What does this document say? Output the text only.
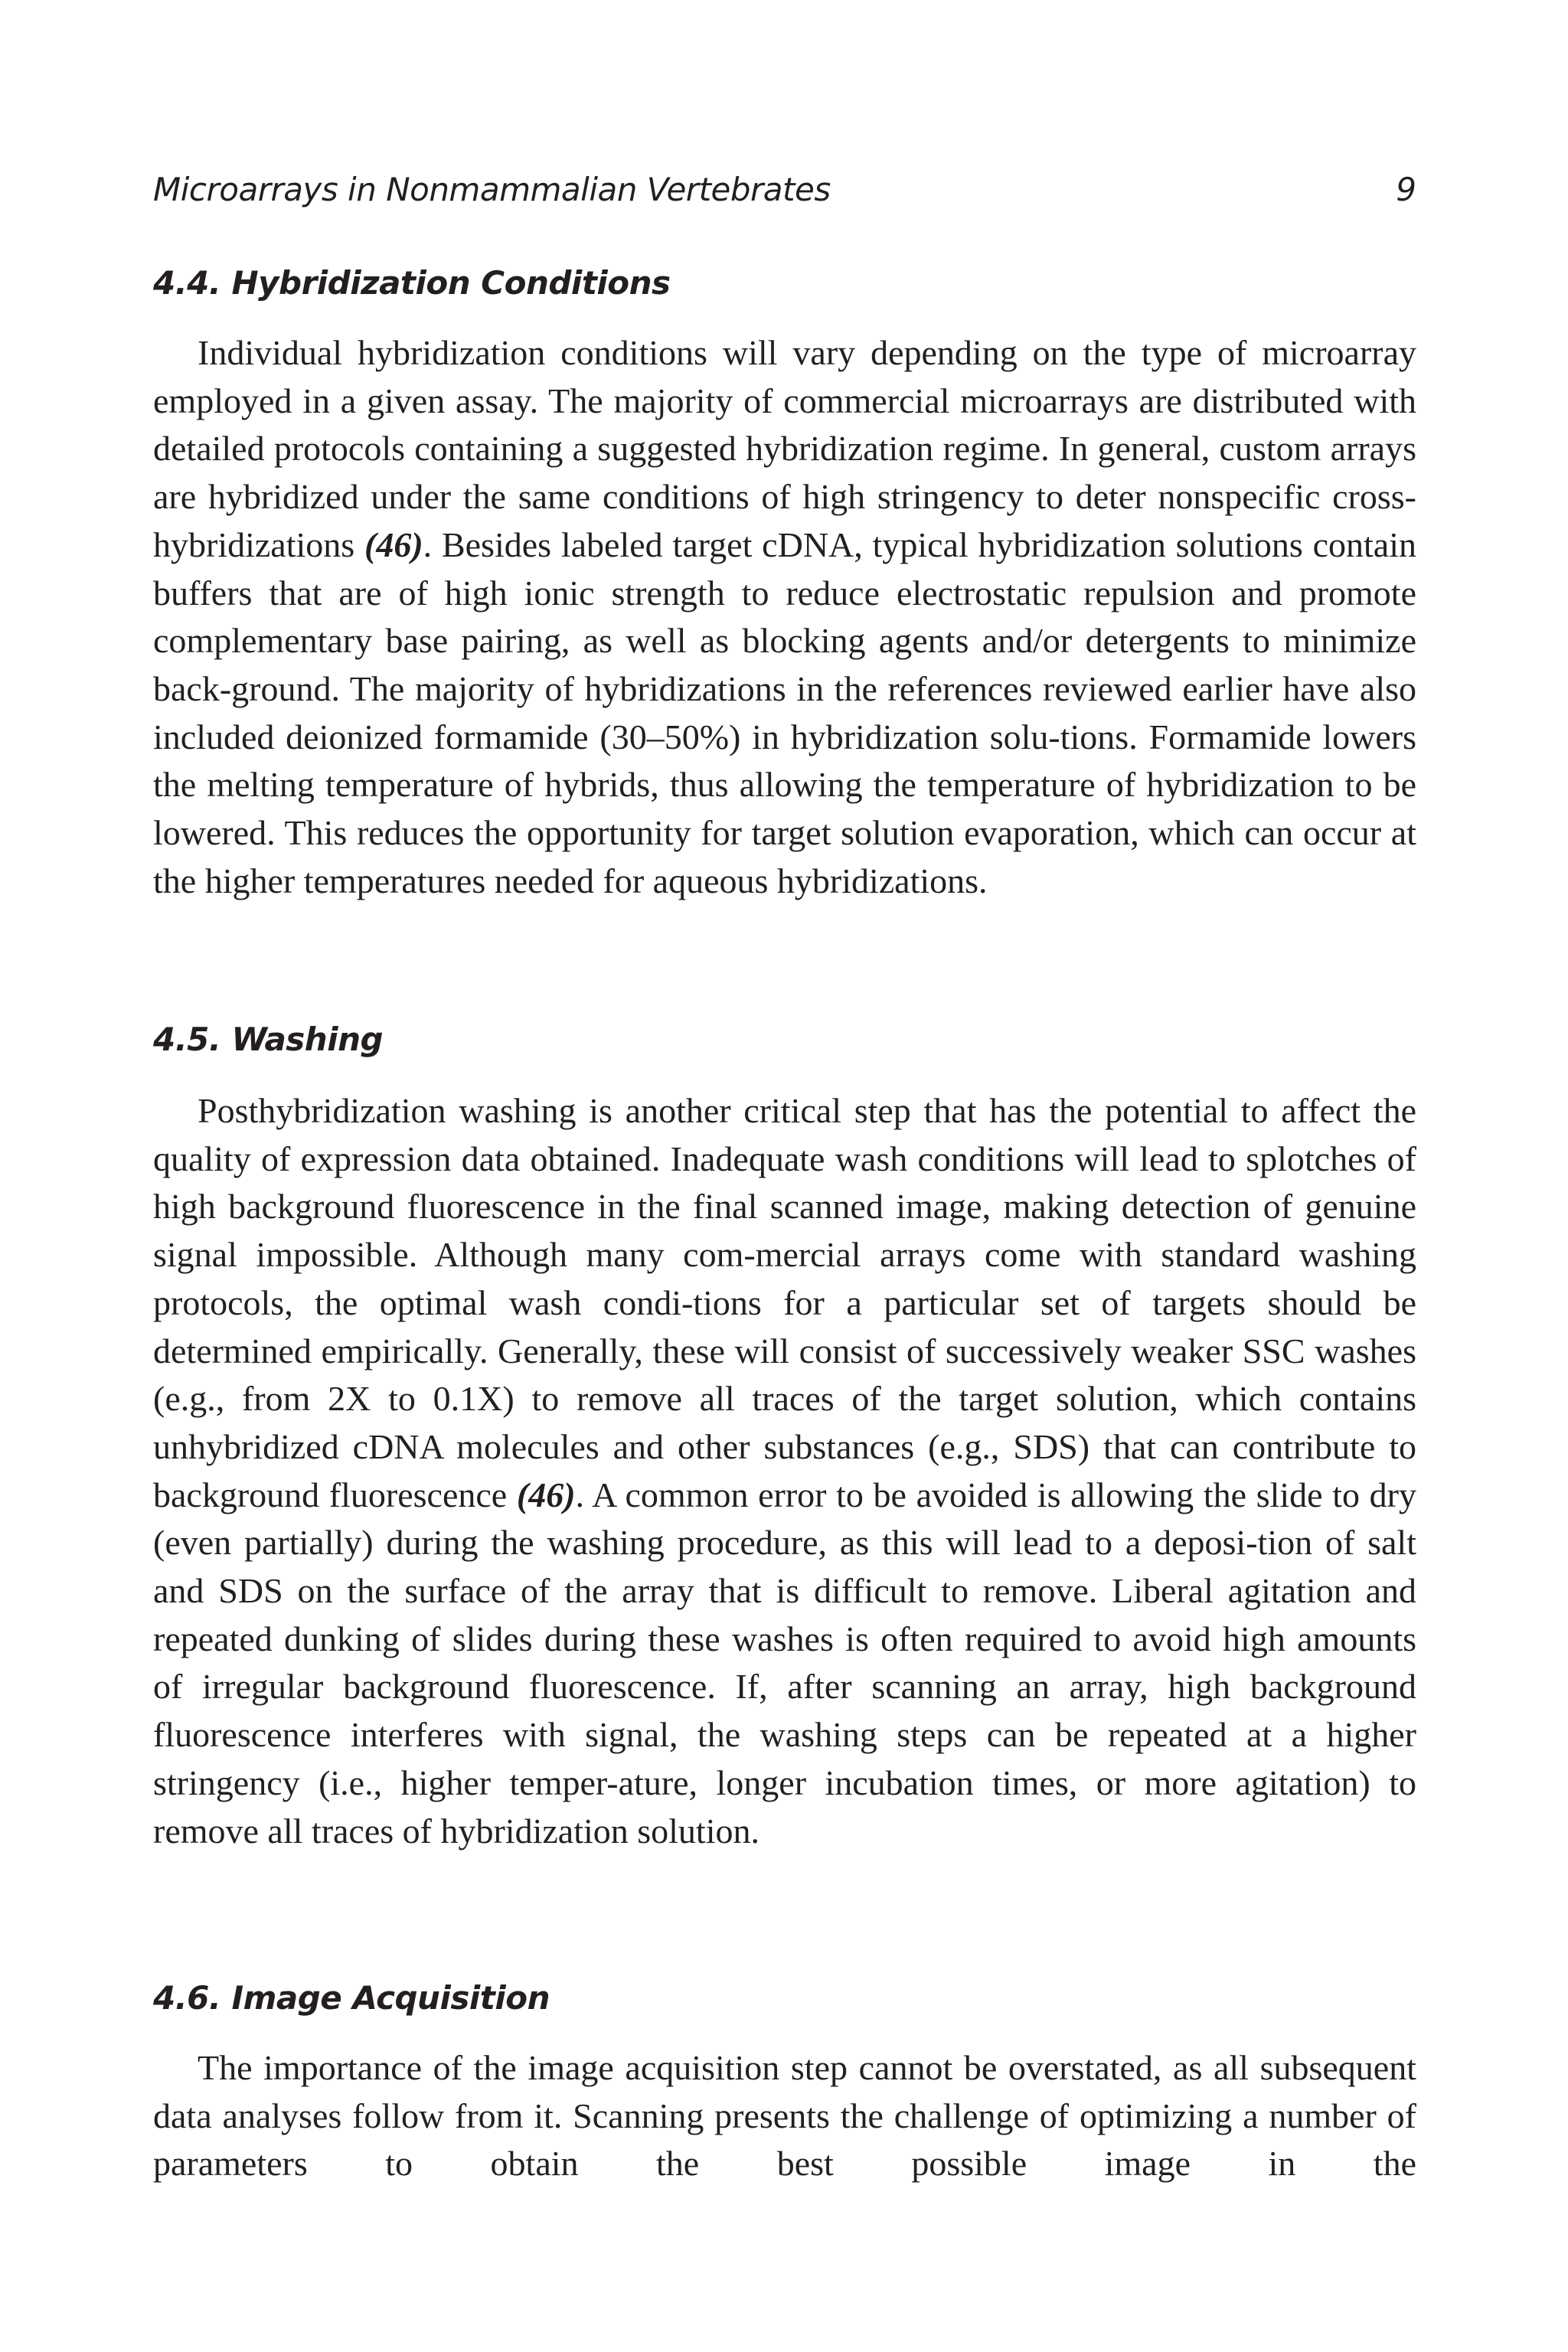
Microarrays in Nonmammalian Vertebrates	9
4.4. Hybridization Conditions

Individual hybridization conditions will vary depending on the type of microarray employed in a given assay. The majority of commercial microarrays are distributed with detailed protocols containing a suggested hybridization regime. In general, custom arrays are hybridized under the same conditions of high stringency to deter nonspecific cross-hybridizations (46). Besides labeled target cDNA, typical hybridization solutions contain buffers that are of high ionic strength to reduce electrostatic repulsion and promote complementary base pairing, as well as blocking agents and/or detergents to minimize back-ground. The majority of hybridizations in the references reviewed earlier have also included deionized formamide (30–50%) in hybridization solu-tions. Formamide lowers the melting temperature of hybrids, thus allowing the temperature of hybridization to be lowered. This reduces the opportunity for target solution evaporation, which can occur at the higher temperatures needed for aqueous hybridizations.

4.5. Washing

Posthybridization washing is another critical step that has the potential to affect the quality of expression data obtained. Inadequate wash conditions will lead to splotches of high background fluorescence in the final scanned image, making detection of genuine signal impossible. Although many com-mercial arrays come with standard washing protocols, the optimal wash condi-tions for a particular set of targets should be determined empirically. Generally, these will consist of successively weaker SSC washes (e.g., from 2X to 0.1X) to remove all traces of the target solution, which contains unhybridized cDNA molecules and other substances (e.g., SDS) that can contribute to background fluorescence (46). A common error to be avoided is allowing the slide to dry (even partially) during the washing procedure, as this will lead to a deposi-tion of salt and SDS on the surface of the array that is difficult to remove. Liberal agitation and repeated dunking of slides during these washes is often required to avoid high amounts of irregular background fluorescence. If, after scanning an array, high background fluorescence interferes with signal, the washing steps can be repeated at a higher stringency (i.e., higher temper-ature, longer incubation times, or more agitation) to remove all traces of hybridization solution.

4.6. Image Acquisition

The importance of the image acquisition step cannot be overstated, as all subsequent data analyses follow from it. Scanning presents the challenge of optimizing a number of parameters to obtain the best possible image in the
